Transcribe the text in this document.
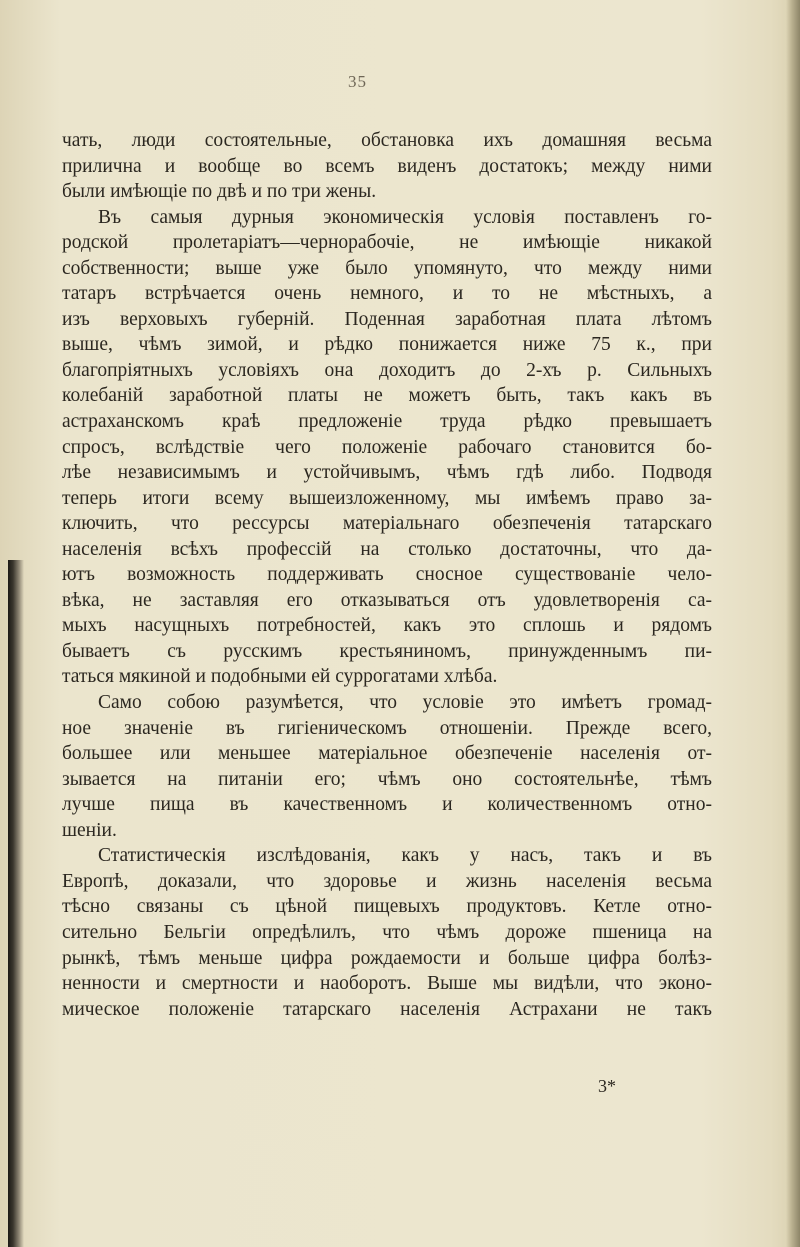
35
чать, люди состоятельные, обстановка ихъ домашняя весьма
прилична и вообще во всемъ виденъ достатокъ; между ними
были имѣющіе по двѣ и по три жены.
Въ самыя дурныя экономическія условія поставленъ го-
родской пролетаріатъ—чернорабочіе, не имѣющіе никакой
собственности; выше уже было упомянуто, что между ними
татаръ встрѣчается очень немного, и то не мѣстныхъ, а
изъ верховыхъ губерній. Поденная заработная плата лѣтомъ
выше, чѣмъ зимой, и рѣдко понижается ниже 75 к., при
благопріятныхъ условіяхъ она доходитъ до 2-хъ р. Сильныхъ
колебаній заработной платы не можетъ быть, такъ какъ въ
астраханскомъ краѣ предложеніе труда рѣдко превышаетъ
спросъ, вслѣдствіе чего положеніе рабочаго становится бо-
лѣе независимымъ и устойчивымъ, чѣмъ гдѣ либо. Подводя
теперь итоги всему вышеизложенному, мы имѣемъ право за-
ключить, что рессурсы матеріальнаго обезпеченія татарскаго
населенія всѣхъ профессій на столько достаточны, что да-
ютъ возможность поддерживать сносное существованіе чело-
вѣка, не заставляя его отказываться отъ удовлетворенія са-
мыхъ насущныхъ потребностей, какъ это сплошь и рядомъ
бываетъ съ русскимъ крестьяниномъ, принужденнымъ пи-
таться мякиной и подобными ей суррогатами хлѣба.
Само собою разумѣется, что условіе это имѣетъ громад-
ное значеніе въ гигіеническомъ отношеніи. Прежде всего,
большее или меньшее матеріальное обезпеченіе населенія от-
зывается на питаніи его; чѣмъ оно состоятельнѣе, тѣмъ
лучше пища въ качественномъ и количественномъ отно-
шеніи.
Статистическія изслѣдованія, какъ у насъ, такъ и въ
Европѣ, доказали, что здоровье и жизнь населенія весьма
тѣсно связаны съ цѣной пищевыхъ продуктовъ. Кетле отно-
сительно Бельгіи опредѣлилъ, что чѣмъ дороже пшеница на
рынкѣ, тѣмъ меньше цифра рождаемости и больше цифра болѣз-
ненности и смертности и наоборотъ. Выше мы видѣли, что эконо-
мическое положеніе татарскаго населенія Астрахани не такъ
3*
